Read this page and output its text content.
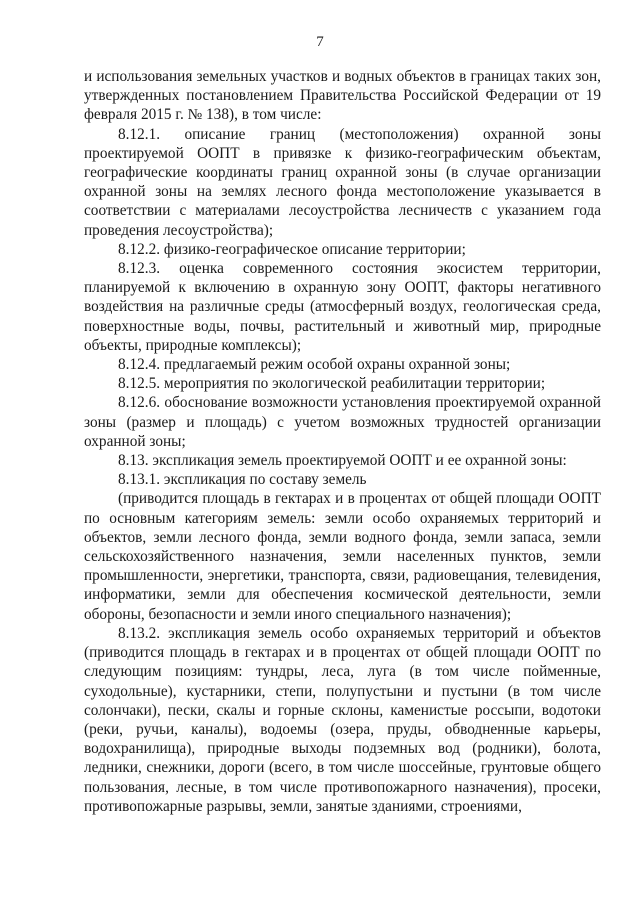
7

и использования земельных участков и водных объектов в границах таких зон, утвержденных постановлением Правительства Российской Федерации от 19 февраля 2015 г. № 138), в том числе:

8.12.1. описание границ (местоположения) охранной зоны проектируемой ООПТ в привязке к физико-географическим объектам, географические координаты границ охранной зоны (в случае организации охранной зоны на землях лесного фонда местоположение указывается в соответствии с материалами лесоустройства лесничеств с указанием года проведения лесоустройства);

8.12.2. физико-географическое описание территории;

8.12.3. оценка современного состояния экосистем территории, планируемой к включению в охранную зону ООПТ, факторы негативного воздействия на различные среды (атмосферный воздух, геологическая среда, поверхностные воды, почвы, растительный и животный мир, природные объекты, природные комплексы);

8.12.4. предлагаемый режим особой охраны охранной зоны;

8.12.5. мероприятия по экологической реабилитации территории;

8.12.6. обоснование возможности установления проектируемой охранной зоны (размер и площадь) с учетом возможных трудностей организации охранной зоны;

8.13. экспликация земель проектируемой ООПТ и ее охранной зоны:

8.13.1. экспликация по составу земель

(приводится площадь в гектарах и в процентах от общей площади ООПТ по основным категориям земель: земли особо охраняемых территорий и объектов, земли лесного фонда, земли водного фонда, земли запаса, земли сельскохозяйственного назначения, земли населенных пунктов, земли промышленности, энергетики, транспорта, связи, радиовещания, телевидения, информатики, земли для обеспечения космической деятельности, земли обороны, безопасности и земли иного специального назначения);

8.13.2. экспликация земель особо охраняемых территорий и объектов (приводится площадь в гектарах и в процентах от общей площади ООПТ по следующим позициям: тундры, леса, луга (в том числе пойменные, суходольные), кустарники, степи, полупустыни и пустыни (в том числе солончаки), пески, скалы и горные склоны, каменистые россыпи, водотоки (реки, ручьи, каналы), водоемы (озера, пруды, обводненные карьеры, водохранилища), природные выходы подземных вод (родники), болота, ледники, снежники, дороги (всего, в том числе шоссейные, грунтовые общего пользования, лесные, в том числе противопожарного назначения), просеки, противопожарные разрывы, земли, занятые зданиями, строениями,
